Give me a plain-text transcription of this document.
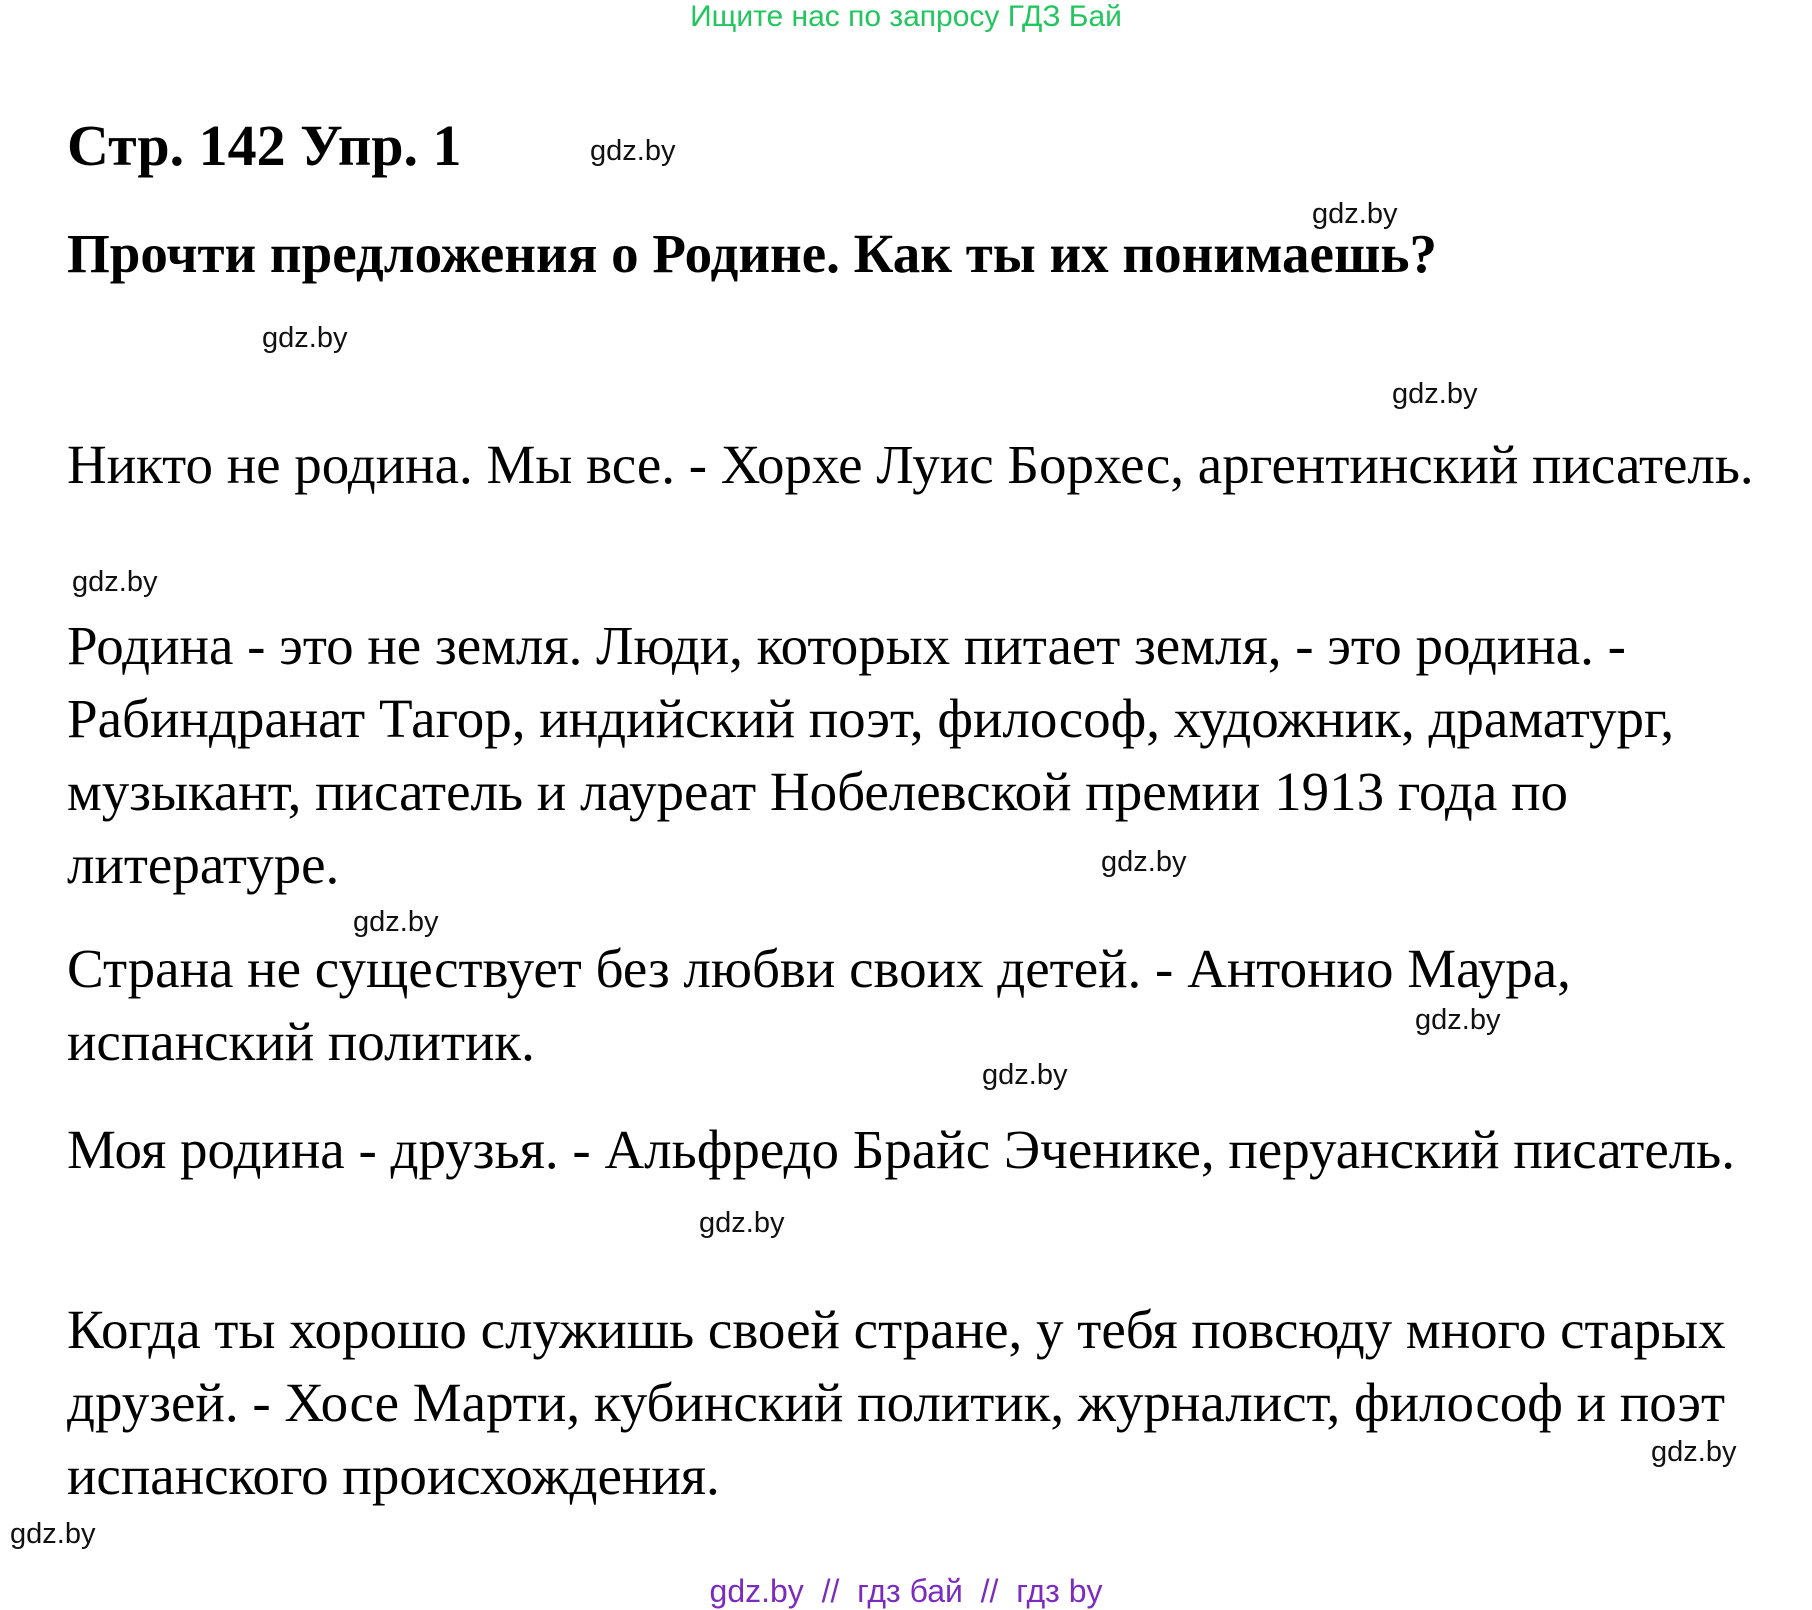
Ищите нас по запросу ГДЗ Бай
Стр. 142 Упр. 1
Прочти предложения о Родине. Как ты их понимаешь?
Никто не родина. Мы все. - Хорхе Луис Борхес, аргентинский писатель.
Родина - это не земля. Люди, которых питает земля, - это родина. - Рабиндранат Тагор, индийский поэт, философ, художник, драматург, музыкант, писатель и лауреат Нобелевской премии 1913 года по литературе.
Страна не существует без любви своих детей. - Антонио Маура, испанский политик.
Моя родина - друзья. - Альфредо Брайс Эченике, перуанский писатель.
Когда ты хорошо служишь своей стране, у тебя повсюду много старых друзей. - Хосе Марти, кубинский политик, журналист, философ и поэт испанского происхождения.
gdz.by
gdz.by
gdz.by
gdz.by
gdz.by
gdz.by
gdz.by
gdz.by
gdz.by
gdz.by
gdz.by
gdz.by
gdz.by  //  гдз бай  //  гдз by
